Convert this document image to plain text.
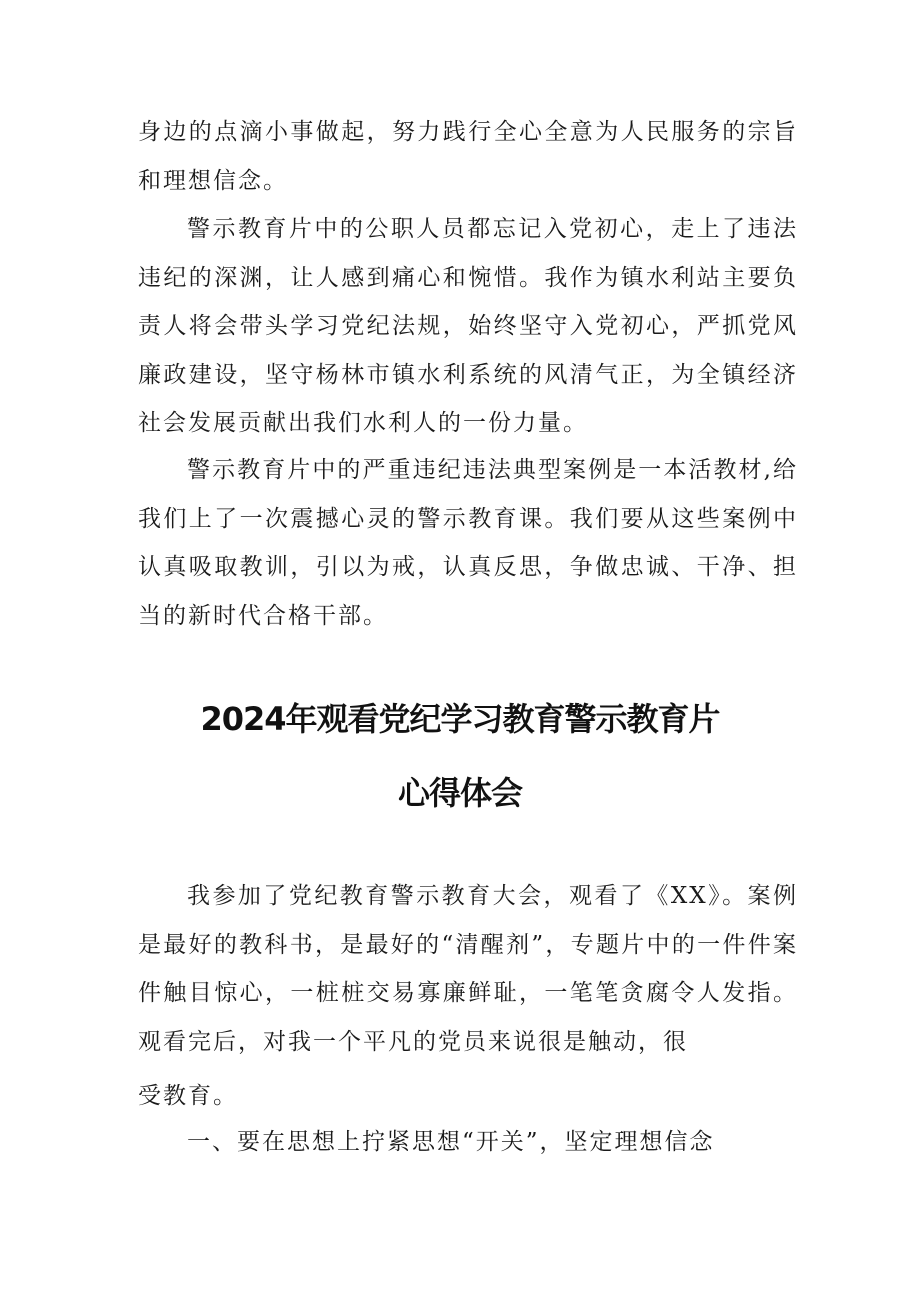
身边的点滴小事做起，努力践行全心全意为人民服务的宗旨和理想信念。

警示教育片中的公职人员都忘记入党初心，走上了违法违纪的深渊，让人感到痛心和惋惜。我作为镇水利站主要负责人将会带头学习党纪法规，始终坚守入党初心，严抓党风廉政建设，坚守杨林市镇水利系统的风清气正，为全镇经济社会发展贡献出我们水利人的一份力量。

警示教育片中的严重违纪违法典型案例是一本活教材,给我们上了一次震撼心灵的警示教育课。我们要从这些案例中认真吸取教训，引以为戒，认真反思，争做忠诚、干净、担当的新时代合格干部。

2024年观看党纪学习教育警示教育片
心得体会

我参加了党纪教育警示教育大会，观看了《XX》。案例是最好的教科书，是最好的“清醒剂”，专题片中的一件件案件触目惊心，一桩桩交易寡廉鲜耻，一笔笔贪腐令人发指。观看完后，对我一个平凡的党员来说很是触动，很

受教育。

一、要在思想上拧紧思想“开关”，坚定理想信念
